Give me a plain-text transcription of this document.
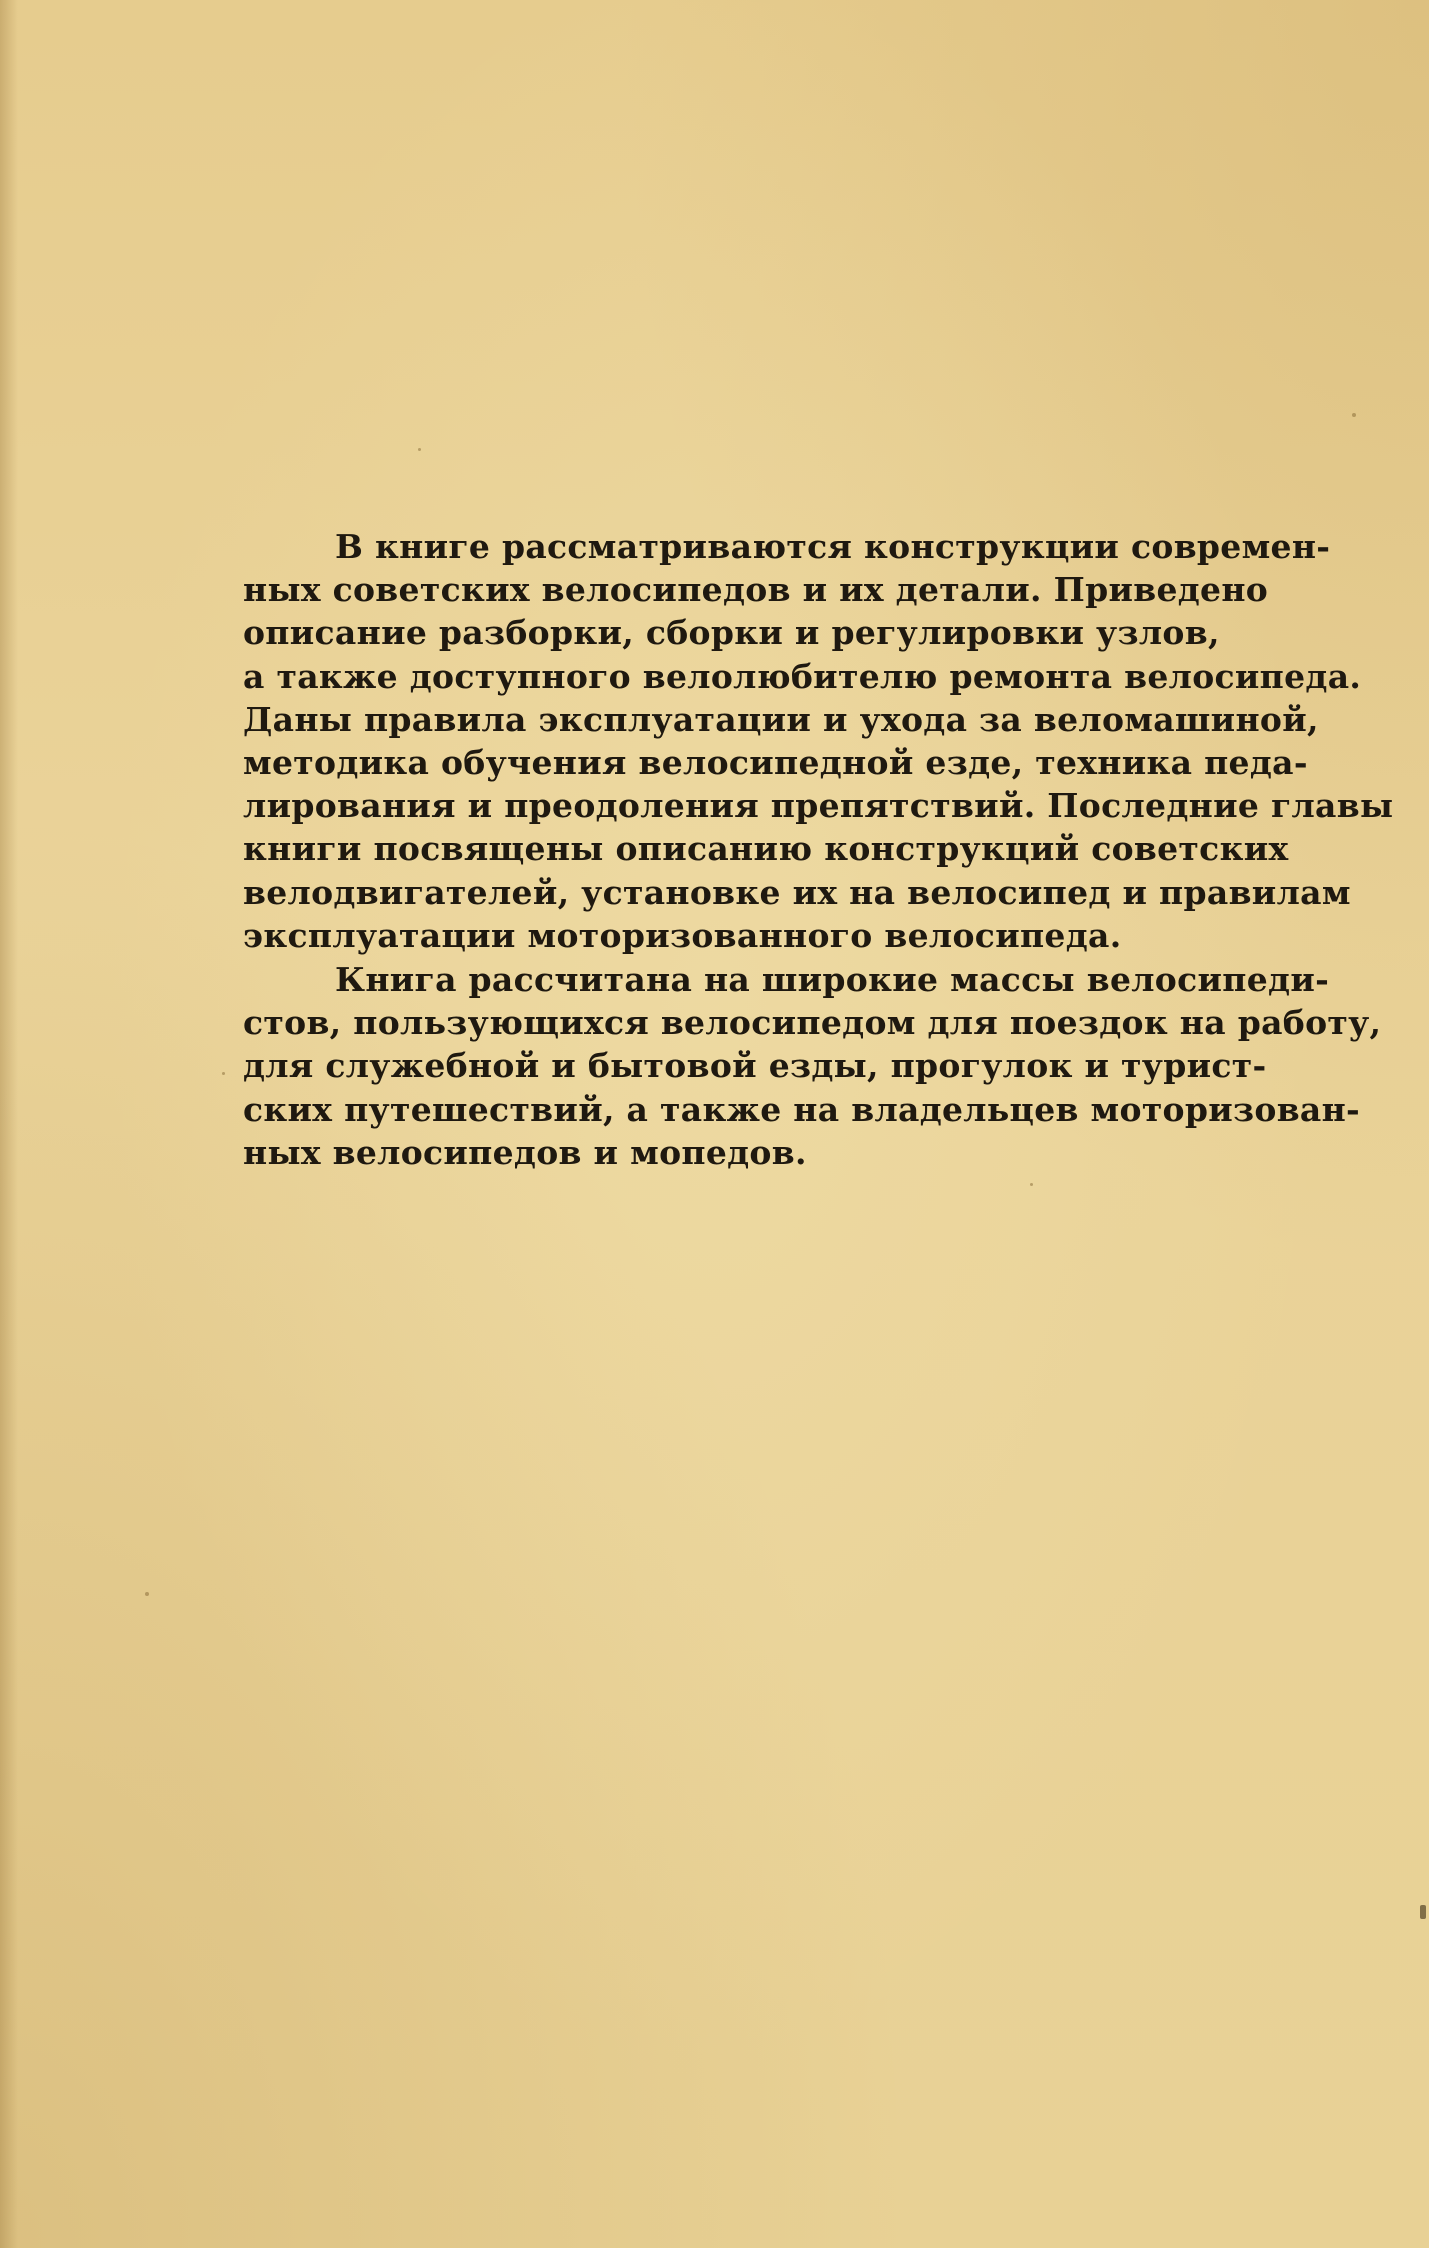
В книге рассматриваются конструкции современ-
ных советских велосипедов и их детали. Приведено
описание разборки, сборки и регулировки узлов,
а также доступного велолюбителю ремонта велосипеда.
Даны правила эксплуатации и ухода за веломашиной,
методика обучения велосипедной езде, техника педа-
лирования и преодоления препятствий. Последние главы
книги посвящены описанию конструкций советских
велодвигателей, установке их на велосипед и правилам
эксплуатации моторизованного велосипеда.

Книга рассчитана на широкие массы велосипеди-
стов, пользующихся велосипедом для поездок на работу,
для служебной и бытовой езды, прогулок и турист-
ских путешествий, а также на владельцев моторизован-
ных велосипедов и мопедов.
